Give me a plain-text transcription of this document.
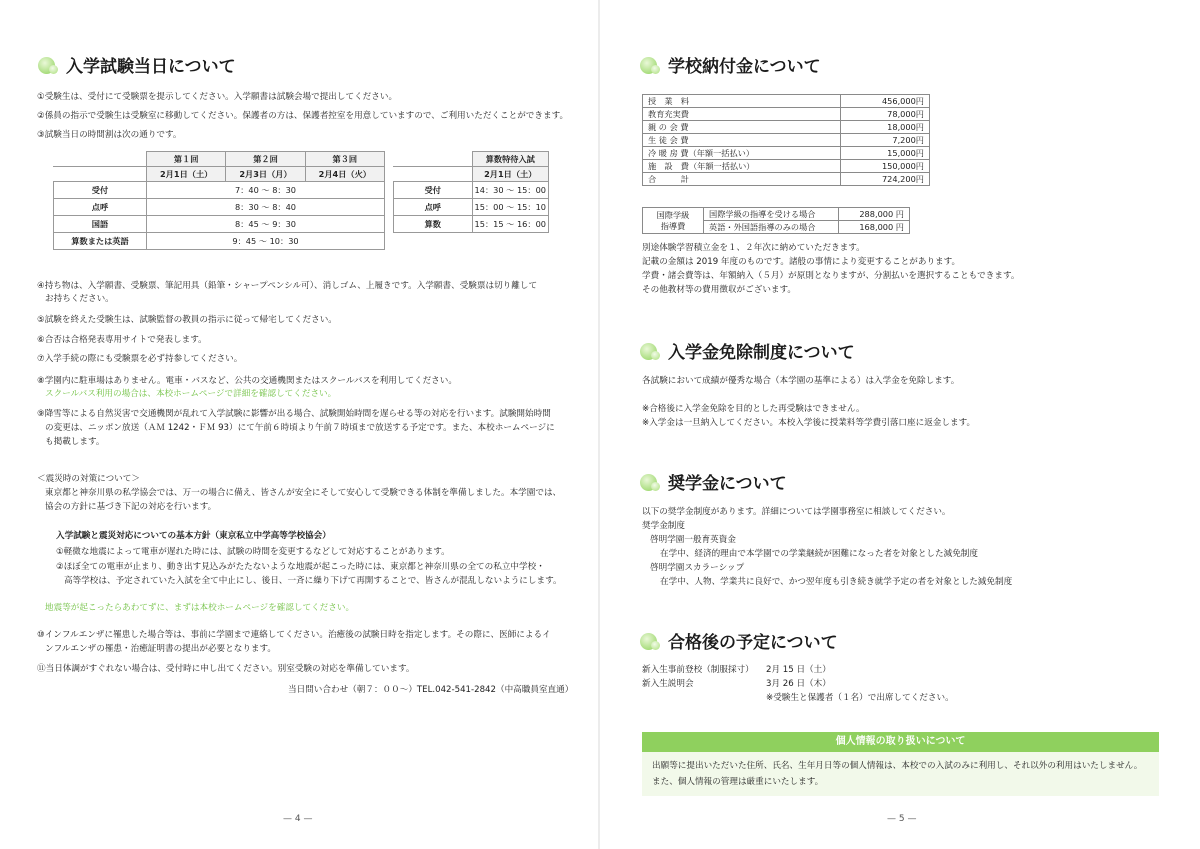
入学試験当日について
①受験生は、受付にて受験票を提示してください。入学願書は試験会場で提出してください。
②係員の指示で受験生は受験室に移動してください。保護者の方は、保護者控室を用意していますので、ご利用いただくことができます。
③試験当日の時間割は次の通りです。
	第１回	第２回	第３回
	2月1日（土）	2月3日（月）	2月4日（火）
受付	7：40 〜 8：30		
点呼	8：30 〜 8：40		
国語	8：45 〜 9：30		
算数または英語	9：45 〜 10：30		
	算数特待入試
	2月1日（土）
受付	14：30 〜 15：00
点呼	15：00 〜 15：10
算数	15：15 〜 16：00
④持ち物は、入学願書、受験票、筆記用具（鉛筆・シャープペンシル可）、消しゴム、上履きです。入学願書、受験票は切り離して
お持ちください。
⑤試験を終えた受験生は、試験監督の教員の指示に従って帰宅してください。
⑥合否は合格発表専用サイトで発表します。
⑦入学手続の際にも受験票を必ず持参してください。
⑧学園内に駐車場はありません。電車・バスなど、公共の交通機関またはスクールバスを利用してください。
スクールバス利用の場合は、本校ホームページで詳細を確認してください。
⑨降雪等による自然災害で交通機関が乱れて入学試験に影響が出る場合、試験開始時間を遅らせる等の対応を行います。試験開始時間
の変更は、ニッポン放送（ＡＭ 1242・ＦＭ 93）にて午前６時頃より午前７時頃まで放送する予定です。また、本校ホームページに
も掲載します。
＜震災時の対策について＞
東京都と神奈川県の私学協会では、万一の場合に備え、皆さんが安全にそして安心して受験できる体制を準備しました。本学園では、
協会の方針に基づき下記の対応を行います。
入学試験と震災対応についての基本方針（東京私立中学高等学校協会）
①軽微な地震によって電車が遅れた時には、試験の時間を変更するなどして対応することがあります。
②ほぼ全ての電車が止まり、動き出す見込みがたたないような地震が起こった時には、東京都と神奈川県の全ての私立中学校・
高等学校は、予定されていた入試を全て中止にし、後日、一斉に繰り下げて再開することで、皆さんが混乱しないようにします。
地震等が起こったらあわてずに、まずは本校ホームページを確認してください。
⑩インフルエンザに罹患した場合等は、事前に学園まで連絡してください。治癒後の試験日時を指定します。その際に、医師によるイ
ンフルエンザの罹患・治癒証明書の提出が必要となります。
⑪当日体調がすぐれない場合は、受付時に申し出てください。別室受験の対応を準備しています。
当日問い合わせ（朝７：００〜）TEL.042-541-2842（中高職員室直通）
— 4 —
学校納付金について
授　業　料	456,000円
教育充実費	78,000円
親 の 会 費	18,000円
生 徒 会 費	7,200円
冷 暖 房 費（年額一括払い）	15,000円
施　設　費（年額一括払い）	150,000円
合　　　計	724,200円
国際学級
指導費	国際学級の指導を受ける場合	288,000 円
	英語・外国語指導のみの場合	168,000 円
別途体験学習積立金を１、２年次に納めていただきます。
記載の金額は 2019 年度のものです。諸般の事情により変更することがあります。
学費・諸会費等は、年額納入（５月）が原則となりますが、分割払いを選択することもできます。
その他教材等の費用徴収がございます。
入学金免除制度について
各試験において成績が優秀な場合（本学園の基準による）は入学金を免除します。
※合格後に入学金免除を目的とした再受験はできません。
※入学金は一旦納入してください。本校入学後に授業料等学費引落口座に返金します。
奨学金について
以下の奨学金制度があります。詳細については学園事務室に相談してください。
奨学金制度
啓明学園一般育英資金
在学中、経済的理由で本学園での学業継続が困難になった者を対象とした減免制度
啓明学園スカラーシップ
在学中、人物、学業共に良好で、かつ翌年度も引き続き就学予定の者を対象とした減免制度
合格後の予定について
新入生事前登校（制服採寸） 2月 15 日（土）
新入生説明会	3月 26 日（木）
※受験生と保護者（１名）で出席してください。
個人情報の取り扱いについて
出願等に提出いただいた住所、氏名、生年月日等の個人情報は、本校での入試のみに利用し、それ以外の利用はいたしません。
また、個人情報の管理は厳重にいたします。
— 5 —
